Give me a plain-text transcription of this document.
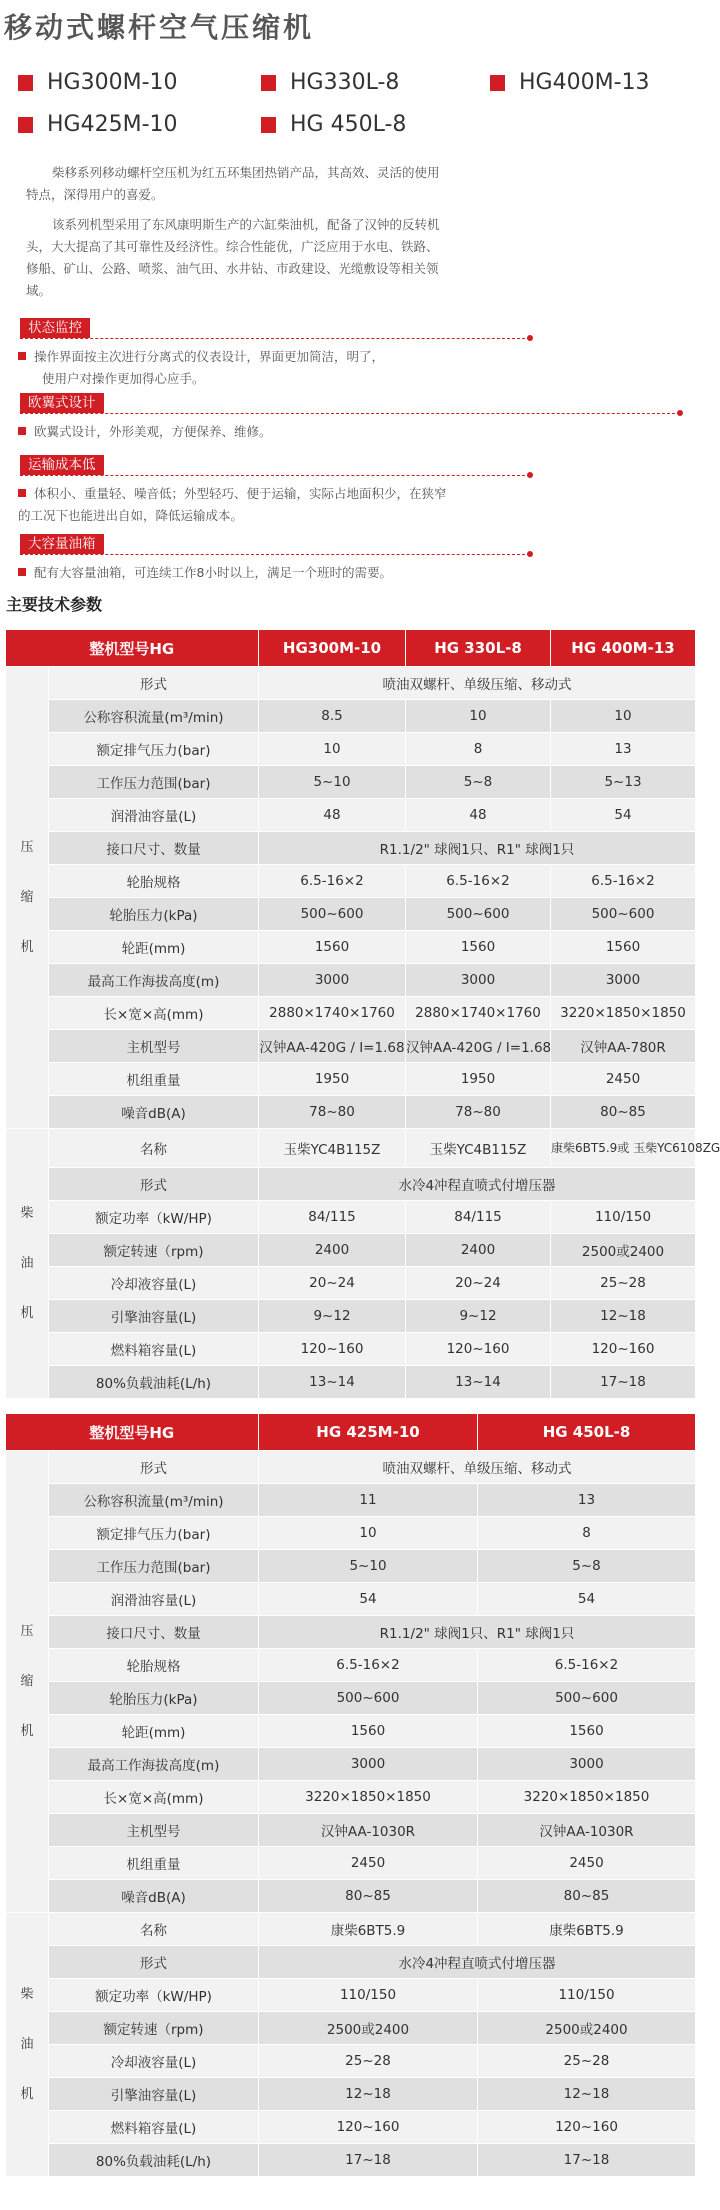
移动式螺杆空气压缩机
HG300M-10	HG330L-8	HG400M-13
HG425M-10	HG 450L-8

柴移系列移动螺杆空压机为红五环集团热销产品，其高效、灵活的使用特点，深得用户的喜爱。

该系列机型采用了东风康明斯生产的六缸柴油机，配备了汉钟的反转机头，大大提高了其可靠性及经济性。综合性能优，广泛应用于水电、铁路、修船、矿山、公路、喷浆、油气田、水井钻、市政建设、光缆敷设等相关领域。

状态监控
操作界面按主次进行分离式的仪表设计，界面更加简洁，明了，
使用户对操作更加得心应手。
欧翼式设计
欧翼式设计，外形美观，方便保养、维修。
运输成本低
体积小、重量轻、噪音低；外型轻巧、便于运输，实际占地面积少，在狭窄的工况下也能进出自如，降低运输成本。
大容量油箱
配有大容量油箱，可连续工作8小时以上，满足一个班时的需要。
主要技术参数
整机型号HG		HG300M-10	HG 330L-8	HG 400M-13

压
缩
机	形式	喷油双螺杆、单级压缩、移动式		
	公称容积流量(m³/min)	8.5	10	10
	额定排气压力(bar)	10	8	13
	工作压力范围(bar)	5~10	5~8	5~13
	润滑油容量(L)	48	48	54
	接口尺寸、数量	R1.1/2" 球阀1只、R1" 球阀1只		
	轮胎规格	6.5-16×2	6.5-16×2	6.5-16×2
	轮胎压力(kPa)	500~600	500~600	500~600
	轮距(mm)	1560	1560	1560
	最高工作海拔高度(m)	3000	3000	3000
	长×宽×高(mm)	2880×1740×1760	2880×1740×1760	3220×1850×1850
	主机型号	汉钟AA-420G / I=1.68	汉钟AA-420G / I=1.68	汉钟AA-780R
	机组重量	1950	1950	2450
	噪音dB(A)	78~80	78~80	80~85

柴
油
机	名称	玉柴YC4B115Z	玉柴YC4B115Z	康柴6BT5.9或 玉柴YC6108ZG
	形式	水冷4冲程直喷式付增压器		
	额定功率（kW/HP)	84/115	84/115	110/150
	额定转速（rpm)	2400	2400	2500或2400
	冷却液容量(L)	20~24	20~24	25~28
	引擎油容量(L)	9~12	9~12	12~18
	燃料箱容量(L)	120~160	120~160	120~160
	80%负载油耗(L/h)	13~14	13~14	17~18
整机型号HG		HG 425M-10	HG 450L-8

压
缩
机	形式	喷油双螺杆、单级压缩、移动式	
	公称容积流量(m³/min)	11	13
	额定排气压力(bar)	10	8
	工作压力范围(bar)	5~10	5~8
	润滑油容量(L)	54	54
	接口尺寸、数量	R1.1/2" 球阀1只、R1" 球阀1只	
	轮胎规格	6.5-16×2	6.5-16×2
	轮胎压力(kPa)	500~600	500~600
	轮距(mm)	1560	1560
	最高工作海拔高度(m)	3000	3000
	长×宽×高(mm)	3220×1850×1850	3220×1850×1850
	主机型号	汉钟AA-1030R	汉钟AA-1030R
	机组重量	2450	2450
	噪音dB(A)	80~85	80~85

柴
油
机	名称	康柴6BT5.9	康柴6BT5.9
	形式	水冷4冲程直喷式付增压器	
	额定功率（kW/HP)	110/150	110/150
	额定转速（rpm)	2500或2400	2500或2400
	冷却液容量(L)	25~28	25~28
	引擎油容量(L)	12~18	12~18
	燃料箱容量(L)	120~160	120~160
	80%负载油耗(L/h)	17~18	17~18
